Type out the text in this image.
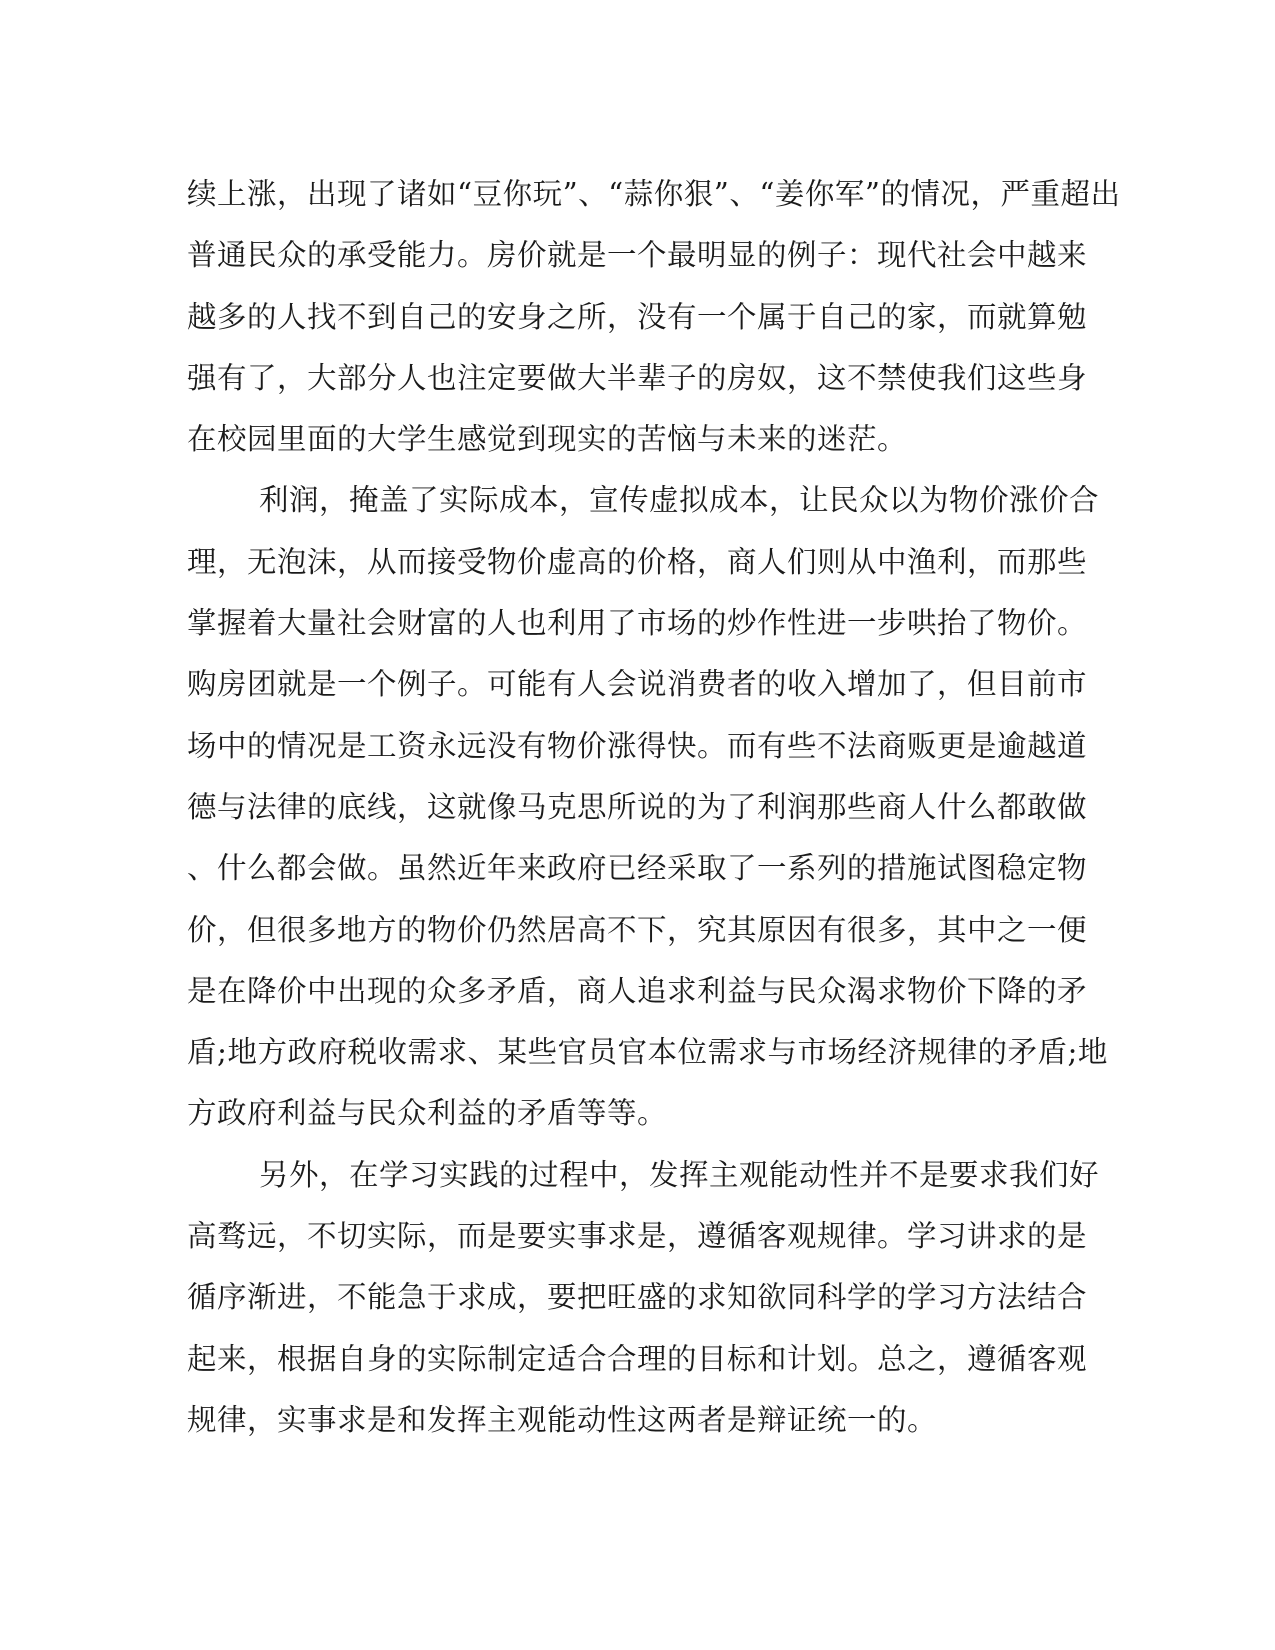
续上涨，出现了诸如“豆你玩”、“蒜你狠”、“姜你军”的情况，严重超出
普通民众的承受能力。房价就是一个最明显的例子：现代社会中越来
越多的人找不到自己的安身之所，没有一个属于自己的家，而就算勉
强有了，大部分人也注定要做大半辈子的房奴，这不禁使我们这些身
在校园里面的大学生感觉到现实的苦恼与未来的迷茫。
利润，掩盖了实际成本，宣传虚拟成本，让民众以为物价涨价合
理，无泡沫，从而接受物价虚高的价格，商人们则从中渔利，而那些
掌握着大量社会财富的人也利用了市场的炒作性进一步哄抬了物价。
购房团就是一个例子。可能有人会说消费者的收入增加了，但目前市
场中的情况是工资永远没有物价涨得快。而有些不法商贩更是逾越道
德与法律的底线，这就像马克思所说的为了利润那些商人什么都敢做
、什么都会做。虽然近年来政府已经采取了一系列的措施试图稳定物
价，但很多地方的物价仍然居高不下，究其原因有很多，其中之一便
是在降价中出现的众多矛盾，商人追求利益与民众渴求物价下降的矛
盾;地方政府税收需求、某些官员官本位需求与市场经济规律的矛盾;地
方政府利益与民众利益的矛盾等等。
另外，在学习实践的过程中，发挥主观能动性并不是要求我们好
高骛远，不切实际，而是要实事求是，遵循客观规律。学习讲求的是
循序渐进，不能急于求成，要把旺盛的求知欲同科学的学习方法结合
起来，根据自身的实际制定适合合理的目标和计划。总之，遵循客观
规律，实事求是和发挥主观能动性这两者是辩证统一的。
